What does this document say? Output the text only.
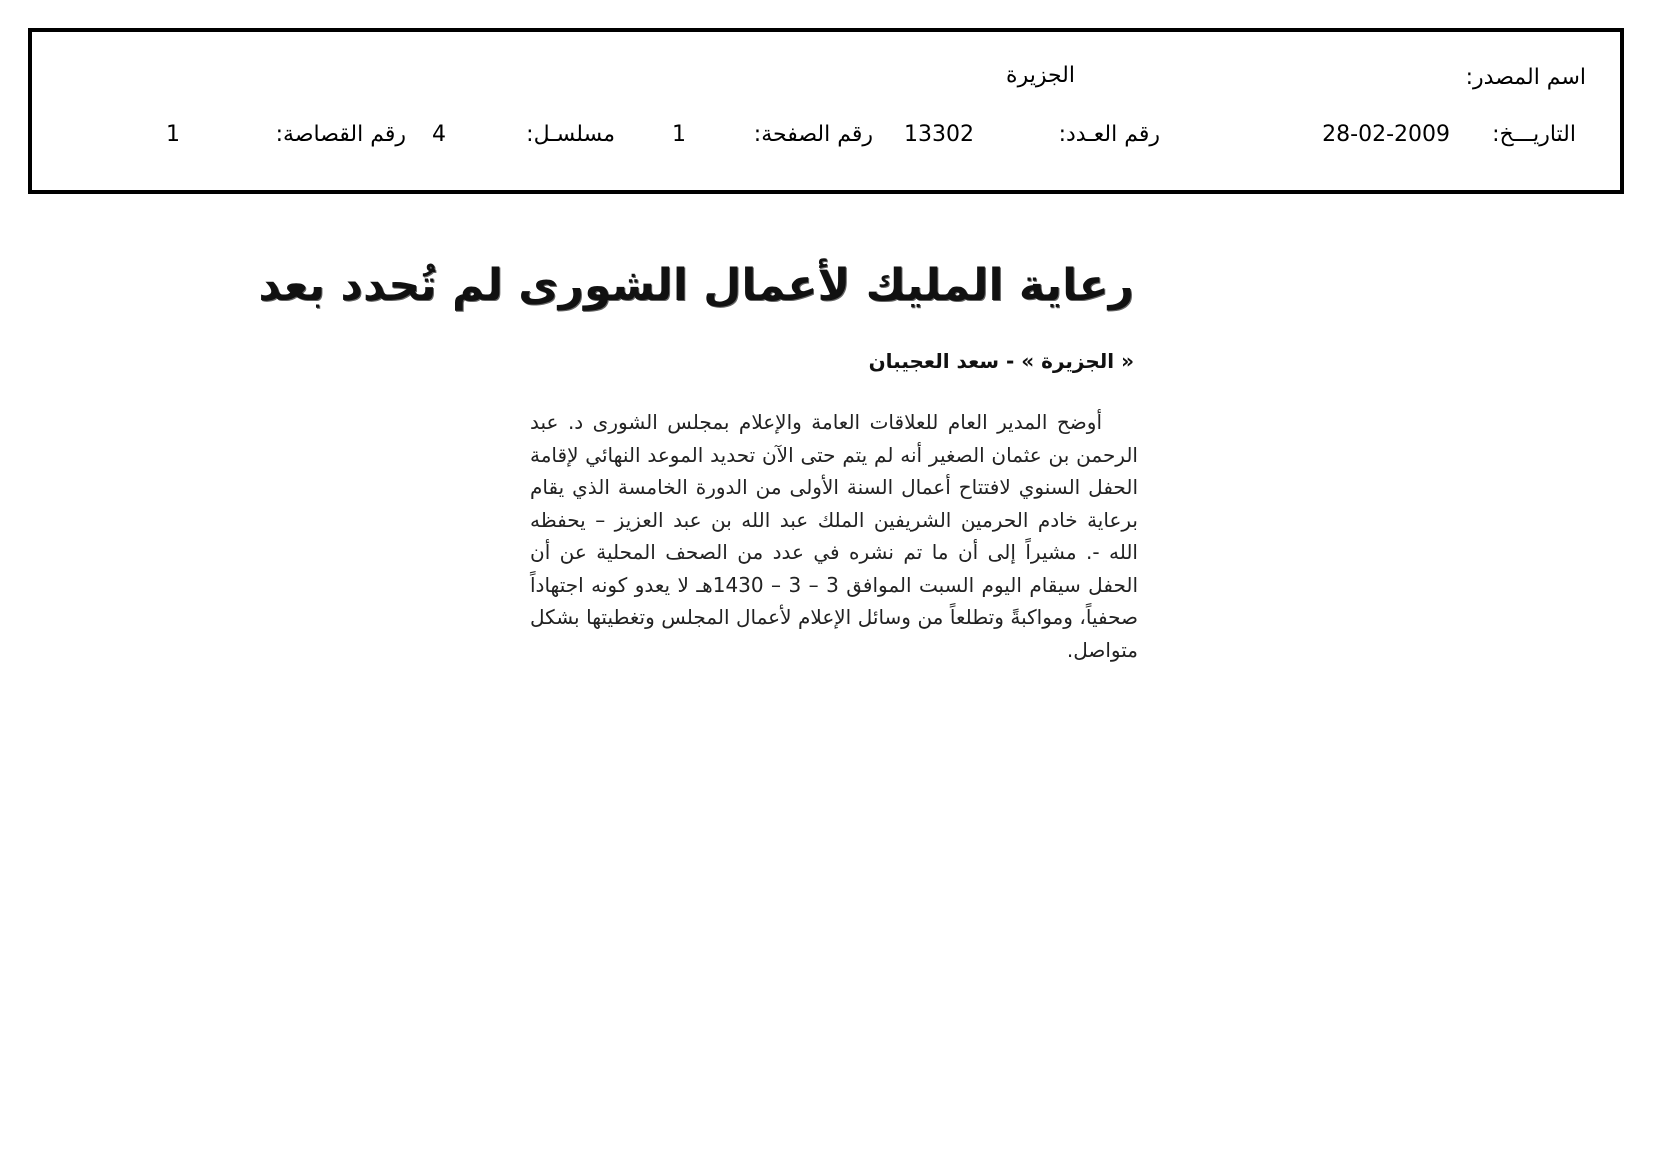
اسم المصدر:
الجزيرة
التاريـــخ:
28-02-2009
رقم العـدد:
13302
رقم الصفحة:
1
مسلسـل:
4
رقم القصاصة:
1
رعاية المليك لأعمال الشورى لم تُحدد بعد
« الجزيرة » - سعد العجيبان

أوضح المدير العام للعلاقات العامة والإعلام بمجلس الشورى د. عبد الرحمن بن عثمان الصغير أنه لم يتم حتى الآن تحديد الموعد النهائي لإقامة الحفل السنوي لافتتاح أعمال السنة الأولى من الدورة الخامسة الذي يقام برعاية خادم الحرمين الشريفين الملك عبد الله بن عبد العزيز – يحفظه الله -. مشيراً إلى أن ما تم نشره في عدد من الصحف المحلية عن أن الحفل سيقام اليوم السبت الموافق 3 – 3 – 1430هـ لا يعدو كونه اجتهاداً صحفياً، ومواكبةً وتطلعاً من وسائل الإعلام لأعمال المجلس وتغطيتها بشكل متواصل.
